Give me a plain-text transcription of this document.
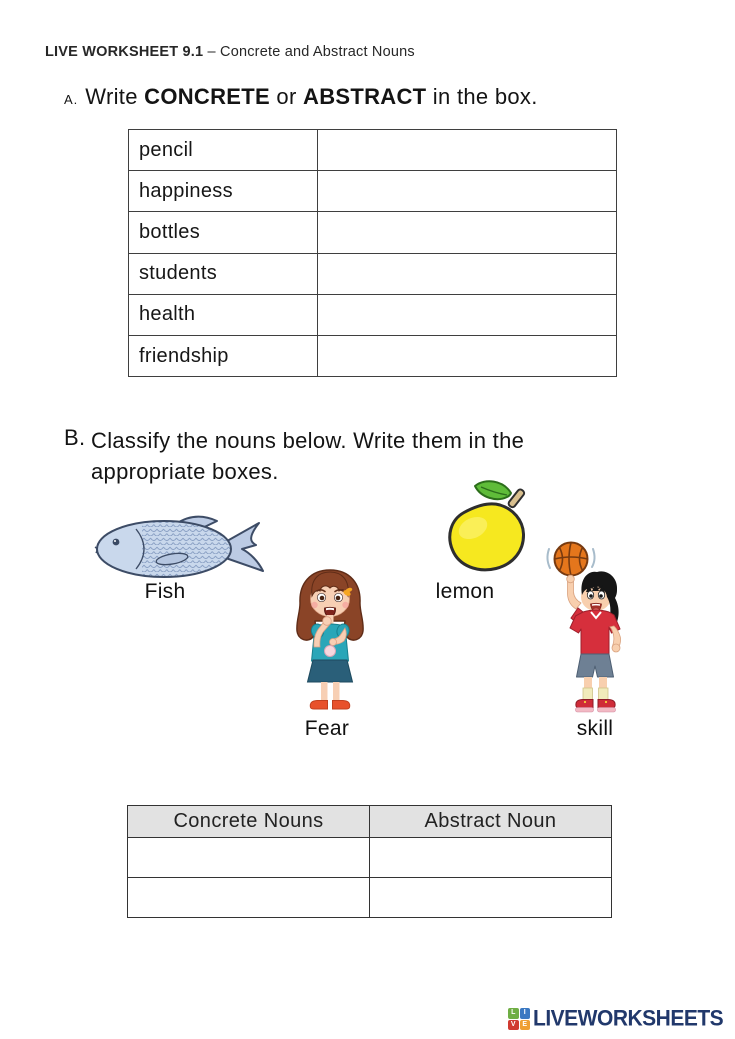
LIVE WORKSHEET 9.1 – Concrete and Abstract Nouns
A. Write CONCRETE or ABSTRACT in the box.
pencil	
happiness	
bottles	
students	
health	
friendship	
B. Classify the nouns below. Write them in the
appropriate boxes.
Fish	lemon
Fear	skill
Concrete Nouns	Abstract Noun

L	I
V E LIVEWORKSHEETS
